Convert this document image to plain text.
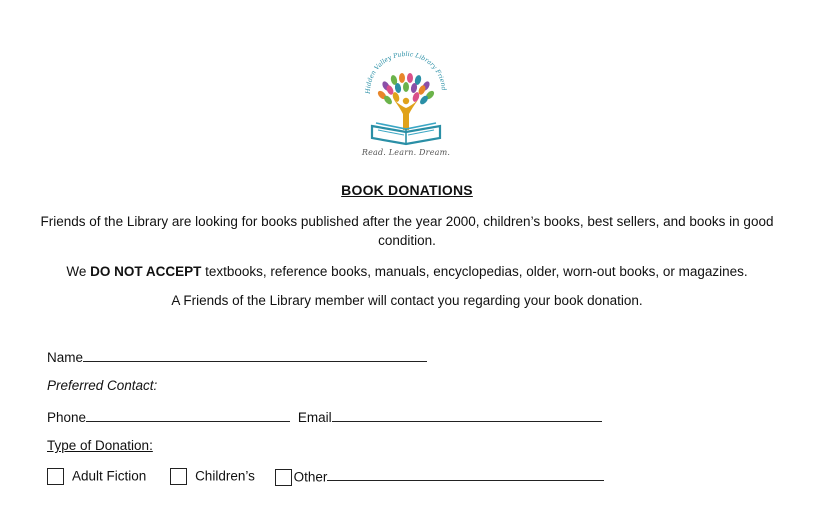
Hidden Valley Public Library Friend
Read. Learn. Dream.
BOOK DONATIONS
Friends of the Library are looking for books published after the year 2000, children’s books, best sellers, and books in good condition.
We DO NOT ACCEPT textbooks, reference books, manuals, encyclopedias, older, worn-out books, or magazines.
A Friends of the Library member will contact you regarding your book donation.
Name
Preferred Contact:
Phone	Email
Type of Donation:
Adult Fiction	Children’s	Other
